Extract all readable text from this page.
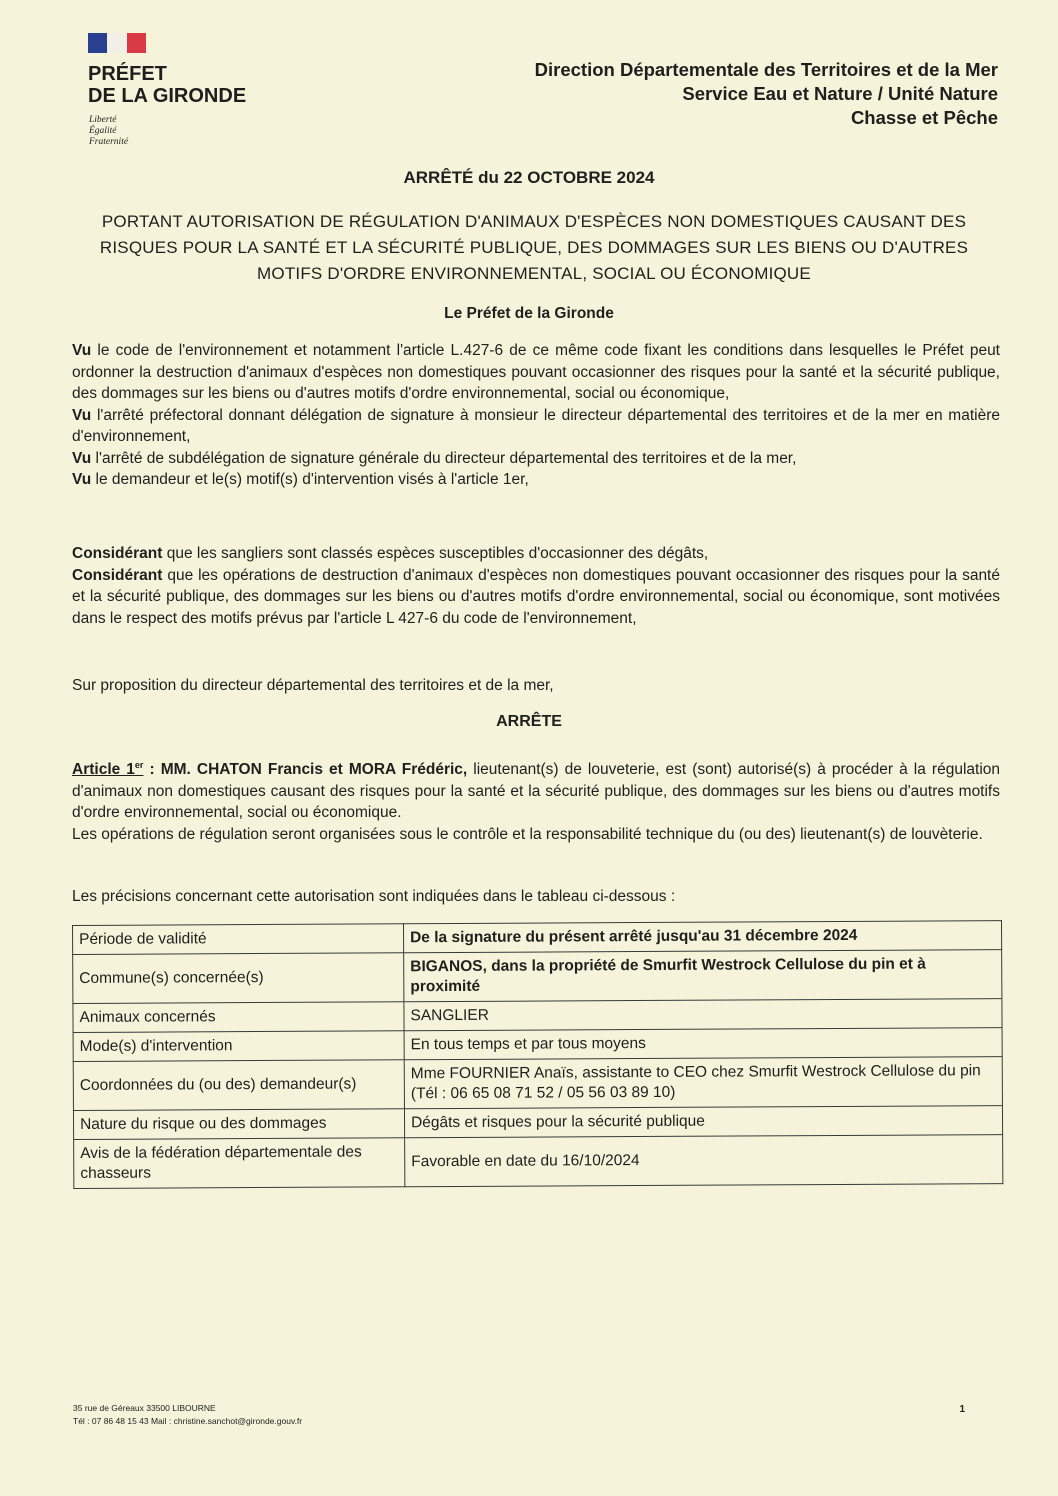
PRÉFET
DE LA GIRONDE
Liberté
Égalité
Fraternité
Direction Départementale des Territoires et de la Mer
Service Eau et Nature / Unité Nature
Chasse et Pêche
ARRÊTÉ du 22 OCTOBRE 2024
PORTANT AUTORISATION DE RÉGULATION D'ANIMAUX D'ESPÈCES NON DOMESTIQUES CAUSANT DES RISQUES POUR LA SANTÉ ET LA SÉCURITÉ PUBLIQUE, DES DOMMAGES SUR LES BIENS OU D'AUTRES MOTIFS D'ORDRE ENVIRONNEMENTAL, SOCIAL OU ÉCONOMIQUE
Le Préfet de la Gironde

Vu le code de l'environnement et notamment l'article L.427-6 de ce même code fixant les conditions dans lesquelles le Préfet peut ordonner la destruction d'animaux d'espèces non domestiques pouvant occasionner des risques pour la santé et la sécurité publique, des dommages sur les biens ou d'autres motifs d'ordre environnemental, social ou économique,

Vu l'arrêté préfectoral donnant délégation de signature à monsieur le directeur départemental des territoires et de la mer en matière d'environnement,

Vu l'arrêté de subdélégation de signature générale du directeur départemental des territoires et de la mer,

Vu le demandeur et le(s) motif(s) d'intervention visés à l'article 1er,

Considérant que les sangliers sont classés espèces susceptibles d'occasionner des dégâts,

Considérant que les opérations de destruction d'animaux d'espèces non domestiques pouvant occasionner des risques pour la santé et la sécurité publique, des dommages sur les biens ou d'autres motifs d'ordre environnemental, social ou économique, sont motivées dans le respect des motifs prévus par l'article L 427-6 du code de l'environnement,

Sur proposition du directeur départemental des territoires et de la mer,
ARRÊTE

Article 1er : MM. CHATON Francis et MORA Frédéric, lieutenant(s) de louveterie, est (sont) autorisé(s) à procéder à la régulation d'animaux non domestiques causant des risques pour la santé et la sécurité publique, des dommages sur les biens ou d'autres motifs d'ordre environnemental, social ou économique.

Les opérations de régulation seront organisées sous le contrôle et la responsabilité technique du (ou des) lieutenant(s) de louvèterie.

Les précisions concernant cette autorisation sont indiquées dans le tableau ci-dessous :
Période de validité	De la signature du présent arrêté jusqu'au 31 décembre 2024
Commune(s) concernée(s)	BIGANOS, dans la propriété de Smurfit Westrock Cellulose du pin et à proximité
Animaux concernés	SANGLIER
Mode(s) d'intervention	En tous temps et par tous moyens
Coordonnées du (ou des) demandeur(s)	Mme FOURNIER Anaïs, assistante to CEO chez Smurfit Westrock Cellulose du pin (Tél : 06 65 08 71 52 / 05 56 03 89 10)
Nature du risque ou des dommages	Dégâts et risques pour la sécurité publique
Avis de la fédération départementale des chasseurs	Favorable en date du 16/10/2024
35 rue de Géreaux 33500 LIBOURNE
Tél : 07 86 48 15 43 Mail : christine.sanchot@gironde.gouv.fr
1
